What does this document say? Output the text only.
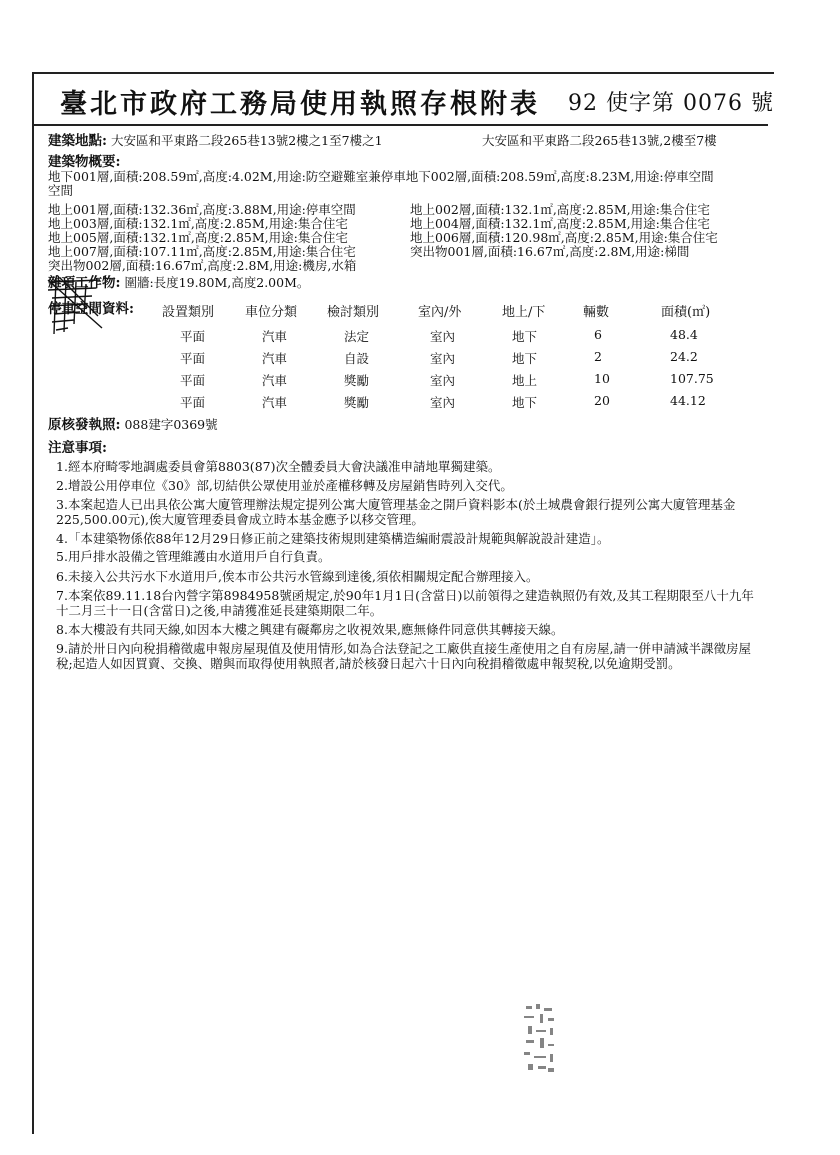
臺北市政府工務局使用執照存根附表 92 使字第 0076 號
建築地點: 大安區和平東路二段265巷13號2樓之1至7樓之1	大安區和平東路二段265巷13號,2樓至7樓
建築物概要:
地下001層,面積:208.59㎡,高度:4.02M,用途:防空避難室兼停車地下002層,面積:208.59㎡,高度:8.23M,用途:停車空間
空間
地上001層,面積:132.36㎡,高度:3.88M,用途:停車空間
地上003層,面積:132.1㎡,高度:2.85M,用途:集合住宅
地上005層,面積:132.1㎡,高度:2.85M,用途:集合住宅
地上007層,面積:107.11㎡,高度:2.85M,用途:集合住宅
突出物002層,面積:16.67㎡,高度:2.8M,用途:機房,水箱
地上002層,面積:132.1㎡,高度:2.85M,用途:集合住宅
地上004層,面積:132.1㎡,高度:2.85M,用途:集合住宅
地上006層,面積:120.98㎡,高度:2.85M,用途:集合住宅
突出物001層,面積:16.67㎡,高度:2.8M,用途:梯間
雜項工作物: 圍牆:長度19.80M,高度2.00M。
停車空間資料: 設置類別 車位分類 檢討類別	室內/外	地上/下	輛數	面積(㎡)
平面	汽車	法定	室內	地下	6	48.4
平面	汽車	自設	室內	地下	2	24.2
平面	汽車	獎勵	室內	地上	10	107.75
平面	汽車	獎勵	室內	地下	20	44.12
原核發執照: 088建字0369號
注意事項:
1.經本府畸零地調處委員會第8803(87)次全體委員大會決議准申請地單獨建築。
2.增設公用停車位《30》部,切結供公眾使用並於產權移轉及房屋銷售時列入交代。
3.本案起造人已出具依公寓大廈管理辦法規定提列公寓大廈管理基金之開戶資料影本(於土城農會銀行提列公寓大廈管理基金225,500.00元),俟大廈管理委員會成立時本基金應予以移交管理。
4.「本建築物係依88年12月29日修正前之建築技術規則建築構造編耐震設計規範與解說設計建造」。
5.用戶排水設備之管理維護由水道用戶自行負責。
6.未接入公共污水下水道用戶,俟本市公共污水管線到達後,須依相關規定配合辦理接入。
7.本案依89.11.18台內營字第8984958號函規定,於90年1月1日(含當日)以前領得之建造執照仍有效,及其工程期限至八十九年十二月三十一日(含當日)之後,申請獲准延長建築期限二年。
8.本大樓設有共同天線,如因本大樓之興建有礙鄰房之收視效果,應無條件同意供其轉接天線。
9.請於卅日內向稅捐稽徵處申報房屋現值及使用情形,如為合法登記之工廠供直接生產使用之自有房屋,請一併申請減半課徵房屋稅;起造人如因買賣、交換、贈與而取得使用執照者,請於核發日起六十日內向稅捐稽徵處申報契稅,以免逾期受罰。
